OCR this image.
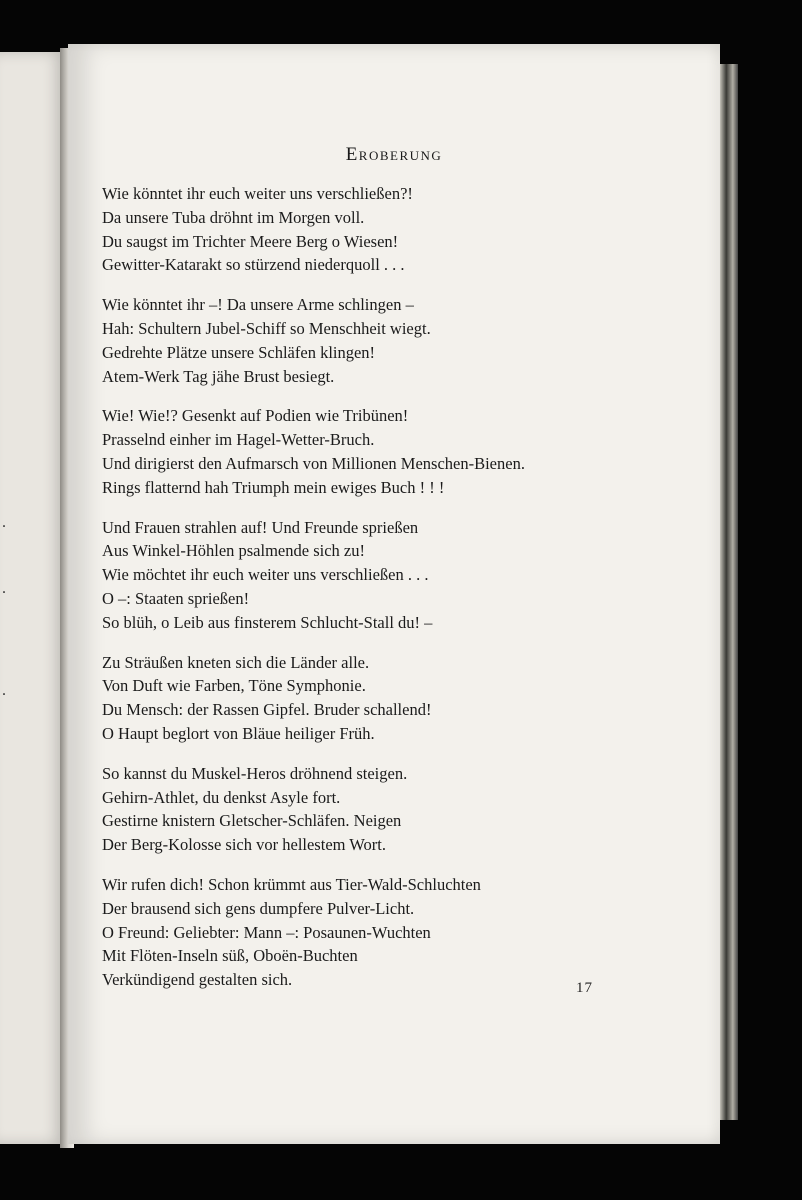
.
.
.
Eroberung
Wie könntet ihr euch weiter uns verschließen?!
Da unsere Tuba dröhnt im Morgen voll.
Du saugst im Trichter Meere Berg o Wiesen!
Gewitter-Katarakt so stürzend niederquoll . . .
Wie könntet ihr –! Da unsere Arme schlingen –
Hah: Schultern Jubel-Schiff so Menschheit wiegt.
Gedrehte Plätze unsere Schläfen klingen!
Atem-Werk Tag jähe Brust besiegt.
Wie! Wie!? Gesenkt auf Podien wie Tribünen!
Prasselnd einher im Hagel-Wetter-Bruch.
Und dirigierst den Aufmarsch von Millionen Menschen-Bienen.
Rings flatternd hah Triumph mein ewiges Buch ! ! !
Und Frauen strahlen auf! Und Freunde sprießen
Aus Winkel-Höhlen psalmende sich zu!
Wie möchtet ihr euch weiter uns verschließen . . .
O –: Staaten sprießen!
So blüh, o Leib aus finsterem Schlucht-Stall du! –
Zu Sträußen kneten sich die Länder alle.
Von Duft wie Farben, Töne Symphonie.
Du Mensch: der Rassen Gipfel. Bruder schallend!
O Haupt beglort von Bläue heiliger Früh.
So kannst du Muskel-Heros dröhnend steigen.
Gehirn-Athlet, du denkst Asyle fort.
Gestirne knistern Gletscher-Schläfen. Neigen
Der Berg-Kolosse sich vor hellestem Wort.
Wir rufen dich! Schon krümmt aus Tier-Wald-Schluchten
Der brausend sich gens dumpfere Pulver-Licht.
O Freund: Geliebter: Mann –: Posaunen-Wuchten
Mit Flöten-Inseln süß, Oboën-Buchten
Verkündigend gestalten sich.	17
